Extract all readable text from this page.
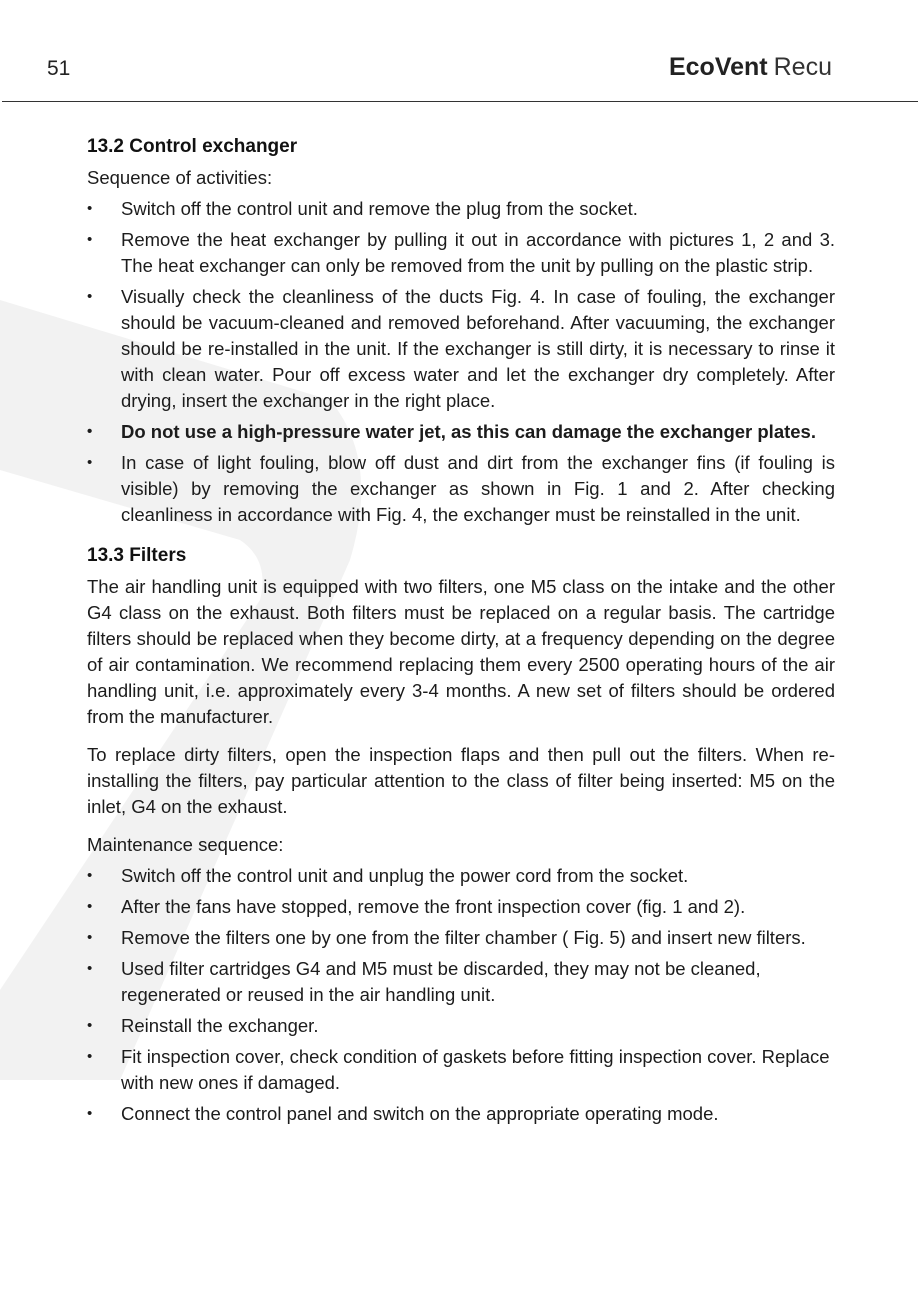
51	EcoVent Recu
13.2 Control exchanger

Sequence of activities:

• Switch off the control unit and remove the plug from the socket.
• Remove the heat exchanger by pulling it out in accordance with pictures 1, 2 and 3. The heat exchanger can only be removed from the unit by pulling on the plastic strip.
• Visually check the cleanliness of the ducts Fig. 4. In case of fouling, the exchanger should be vacuum-cleaned and removed beforehand. After vacuuming, the exchanger should be re-installed in the unit. If the exchanger is still dirty, it is necessary to rinse it with clean water. Pour off excess water and let the exchanger dry completely. After drying, insert the exchanger in the right place.
• Do not use a high-pressure water jet, as this can damage the exchanger plates.
• In case of light fouling, blow off dust and dirt from the exchanger fins (if fouling is visible) by removing the exchanger as shown in Fig. 1 and 2. After checking cleanliness in accordance with Fig. 4, the exchanger must be reinstalled in the unit.
13.3 Filters

The air handling unit is equipped with two filters, one M5 class on the intake and the other G4 class on the exhaust. Both filters must be replaced on a regular basis. The cartridge filters should be replaced when they become dirty, at a frequency depending on the degree of air contamination. We recommend replacing them every 2500 operating hours of the air handling unit, i.e. approximately every 3-4 months. A new set of filters should be ordered from the manufacturer.

To replace dirty filters, open the inspection flaps and then pull out the filters. When re-installing the filters, pay particular attention to the class of filter being inserted: M5 on the inlet, G4 on the exhaust.

Maintenance sequence:

• Switch off the control unit and unplug the power cord from the socket.
• After the fans have stopped, remove the front inspection cover (fig. 1 and 2).
• Remove the filters one by one from the filter chamber ( Fig. 5) and insert new filters.
• Used filter cartridges G4 and M5 must be discarded, they may not be cleaned, regenerated or reused in the air handling unit.
• Reinstall the exchanger.
• Fit inspection cover, check condition of gaskets before fitting inspection cover. Replace with new ones if damaged.
• Connect the control panel and switch on the appropriate operating mode.
